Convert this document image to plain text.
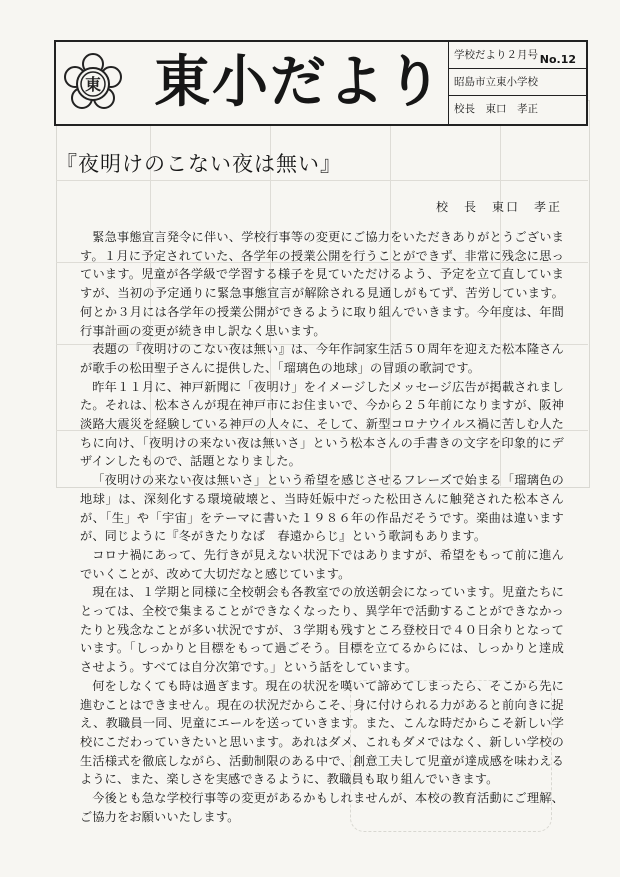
東 東小だより 学校だより２月号 No.12
昭島市立東小学校
校長　東口　孝正
『夜明けのこない夜は無い』
校　長　東口　孝正

緊急事態宣言発令に伴い、学校行事等の変更にご協力をいただきありがとうございます。１月に予定されていた、各学年の授業公開を行うことができず、非常に残念に思っています。児童が各学級で学習する様子を見ていただけるよう、予定を立て直していますが、当初の予定通りに緊急事態宣言が解除される見通しがもてず、苦労しています。何とか３月には各学年の授業公開ができるように取り組んでいきます。今年度は、年間行事計画の変更が続き申し訳なく思います。

表題の『夜明けのこない夜は無い』は、今年作詞家生活５０周年を迎えた松本隆さんが歌手の松田聖子さんに提供した、「瑠璃色の地球」の冒頭の歌詞です。

昨年１１月に、神戸新聞に「夜明け」をイメージしたメッセージ広告が掲載されました。それは、松本さんが現在神戸市にお住まいで、今から２５年前になりますが、阪神淡路大震災を経験している神戸の人々に、そして、新型コロナウイルス禍に苦しむ人たちに向け、「夜明けの来ない夜は無いさ」という松本さんの手書きの文字を印象的にデザインしたもので、話題となりました。

「夜明けの来ない夜は無いさ」という希望を感じさせるフレーズで始まる「瑠璃色の地球」は、深刻化する環境破壊と、当時妊娠中だった松田さんに触発された松本さんが、「生」や「宇宙」をテーマに書いた１９８６年の作品だそうです。楽曲は違いますが、同じように『冬がきたりなば　春遠からじ』という歌詞もあります。

コロナ禍にあって、先行きが見えない状況下ではありますが、希望をもって前に進んでいくことが、改めて大切だなと感じています。

現在は、１学期と同様に全校朝会も各教室での放送朝会になっています。児童たちにとっては、全校で集まることができなくなったり、異学年で活動することができなかったりと残念なことが多い状況ですが、３学期も残すところ登校日で４０日余りとなっています。「しっかりと目標をもって過ごそう。目標を立てるからには、しっかりと達成させよう。すべては自分次第です。」という話をしています。

何をしなくても時は過ぎます。現在の状況を嘆いて諦めてしまったら、そこから先に進むことはできません。現在の状況だからこそ、身に付けられる力があると前向きに捉え、教職員一同、児童にエールを送っていきます。また、こんな時だからこそ新しい学校にこだわっていきたいと思います。あれはダメ、これもダメではなく、新しい学校の生活様式を徹底しながら、活動制限のある中で、創意工夫して児童が達成感を味わえるように、また、楽しさを実感できるように、教職員も取り組んでいきます。

今後とも急な学校行事等の変更があるかもしれませんが、本校の教育活動にご理解、ご協力をお願いいたします。
